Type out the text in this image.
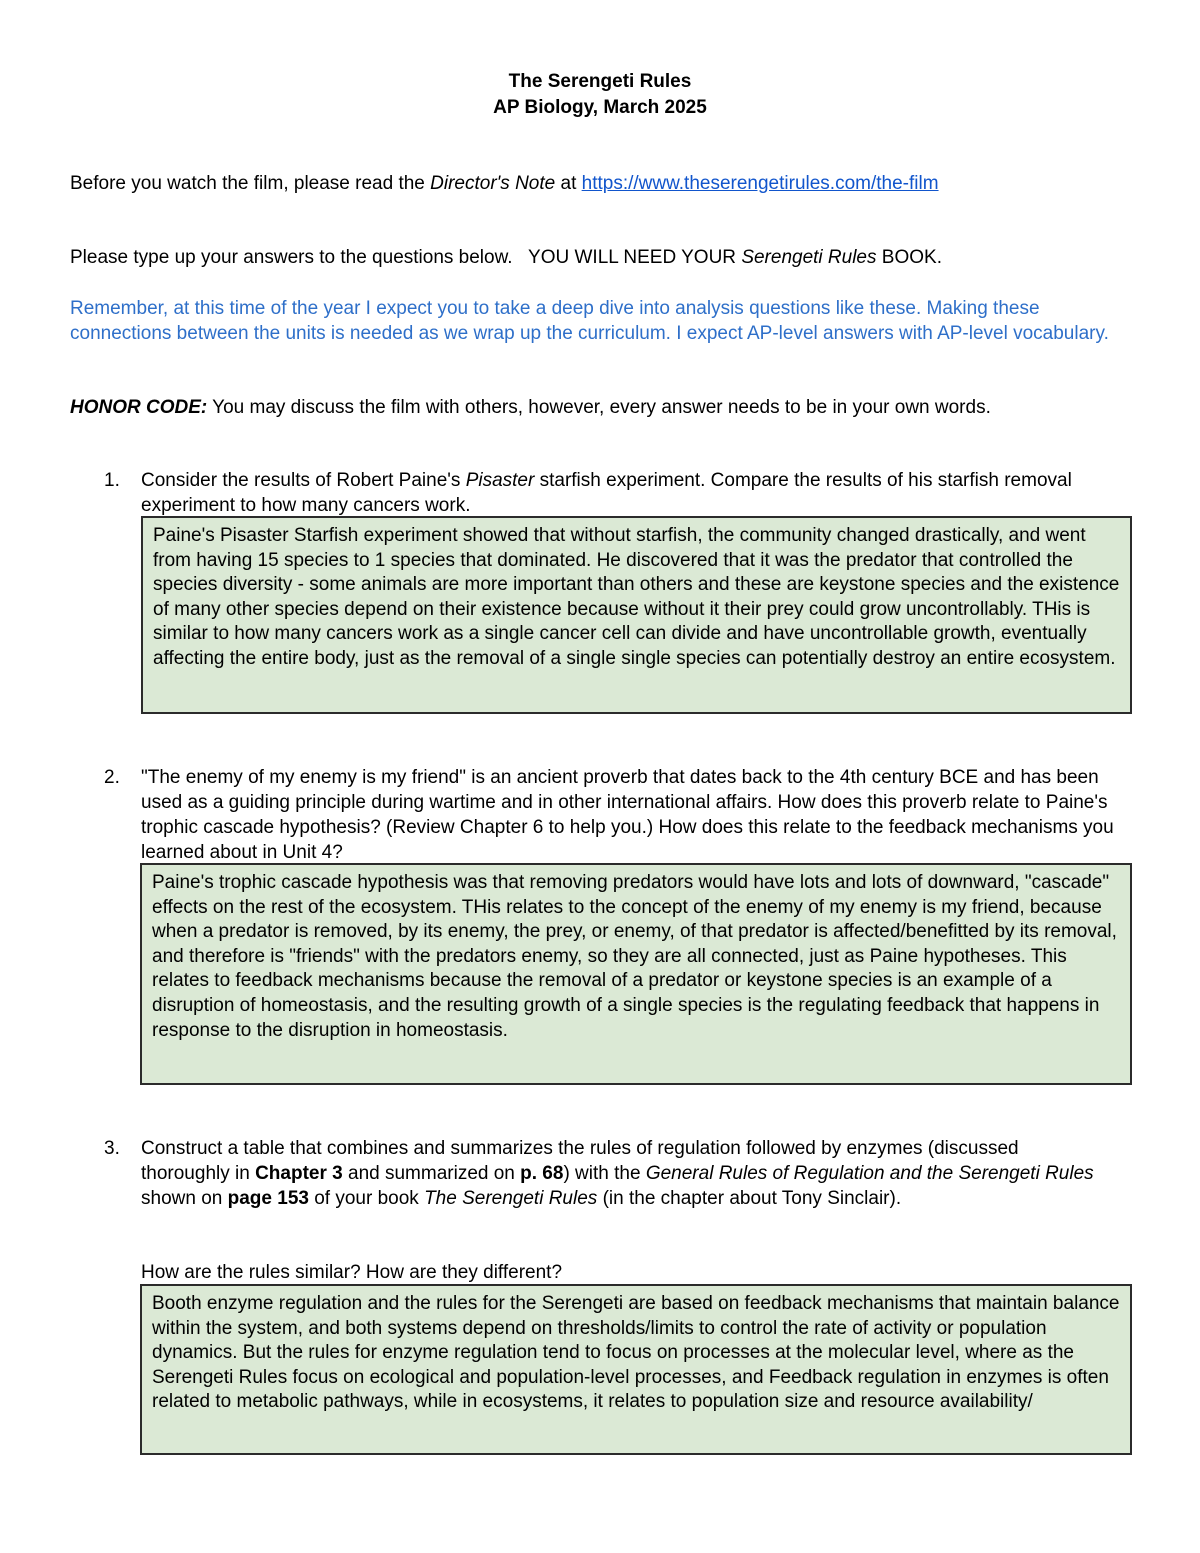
The Serengeti Rules
AP Biology, March 2025
Before you watch the film, please read the Director's Note at https://www.theserengetirules.com/the-film
Please type up your answers to the questions below.   YOU WILL NEED YOUR Serengeti Rules BOOK.
Remember, at this time of the year I expect you to take a deep dive into analysis questions like these. Making these connections between the units is needed as we wrap up the curriculum. I expect AP-level answers with AP-level vocabulary.
HONOR CODE: You may discuss the film with others, however, every answer needs to be in your own words.
1. Consider the results of Robert Paine's Pisaster starfish experiment. Compare the results of his starfish removal experiment to how many cancers work.
Paine's Pisaster Starfish experiment showed that without starfish, the community changed drastically, and went from having 15 species to 1 species that dominated. He discovered that it was the predator that controlled the species diversity - some animals are more important than others and these are keystone species and the existence of many other species depend on their existence because without it their prey could grow uncontrollably. THis is similar to how many cancers work as a single cancer cell can divide and have uncontrollable growth, eventually affecting the entire body, just as the removal of a single single species can potentially destroy an entire ecosystem.
2. "The enemy of my enemy is my friend" is an ancient proverb that dates back to the 4th century BCE and has been used as a guiding principle during wartime and in other international affairs. How does this proverb relate to Paine's trophic cascade hypothesis? (Review Chapter 6 to help you.) How does this relate to the feedback mechanisms you learned about in Unit 4?
Paine's trophic cascade hypothesis was that removing predators would have lots and lots of downward, "cascade" effects on the rest of the ecosystem. THis relates to the concept of the enemy of my enemy is my friend, because when a predator is removed, by its enemy, the prey, or enemy, of that predator is affected/benefitted by its removal, and therefore is "friends" with the predators enemy, so they are all connected, just as Paine hypotheses. This relates to feedback mechanisms because the removal of a predator or keystone species is an example of a disruption of homeostasis, and the resulting growth of a single species is the regulating feedback that happens in response to the disruption in homeostasis.
3. Construct a table that combines and summarizes the rules of regulation followed by enzymes (discussed thoroughly in Chapter 3 and summarized on p. 68) with the General Rules of Regulation and the Serengeti Rules shown on page 153 of your book The Serengeti Rules (in the chapter about Tony Sinclair).
How are the rules similar? How are they different?
Booth enzyme regulation and the rules for the Serengeti are based on feedback mechanisms that maintain balance within the system, and both systems depend on thresholds/limits to control the rate of activity or population dynamics. But the rules for enzyme regulation tend to focus on processes at the molecular level, where as the Serengeti Rules focus on ecological and population-level processes, and Feedback regulation in enzymes is often related to metabolic pathways, while in ecosystems, it relates to population size and resource availability/
